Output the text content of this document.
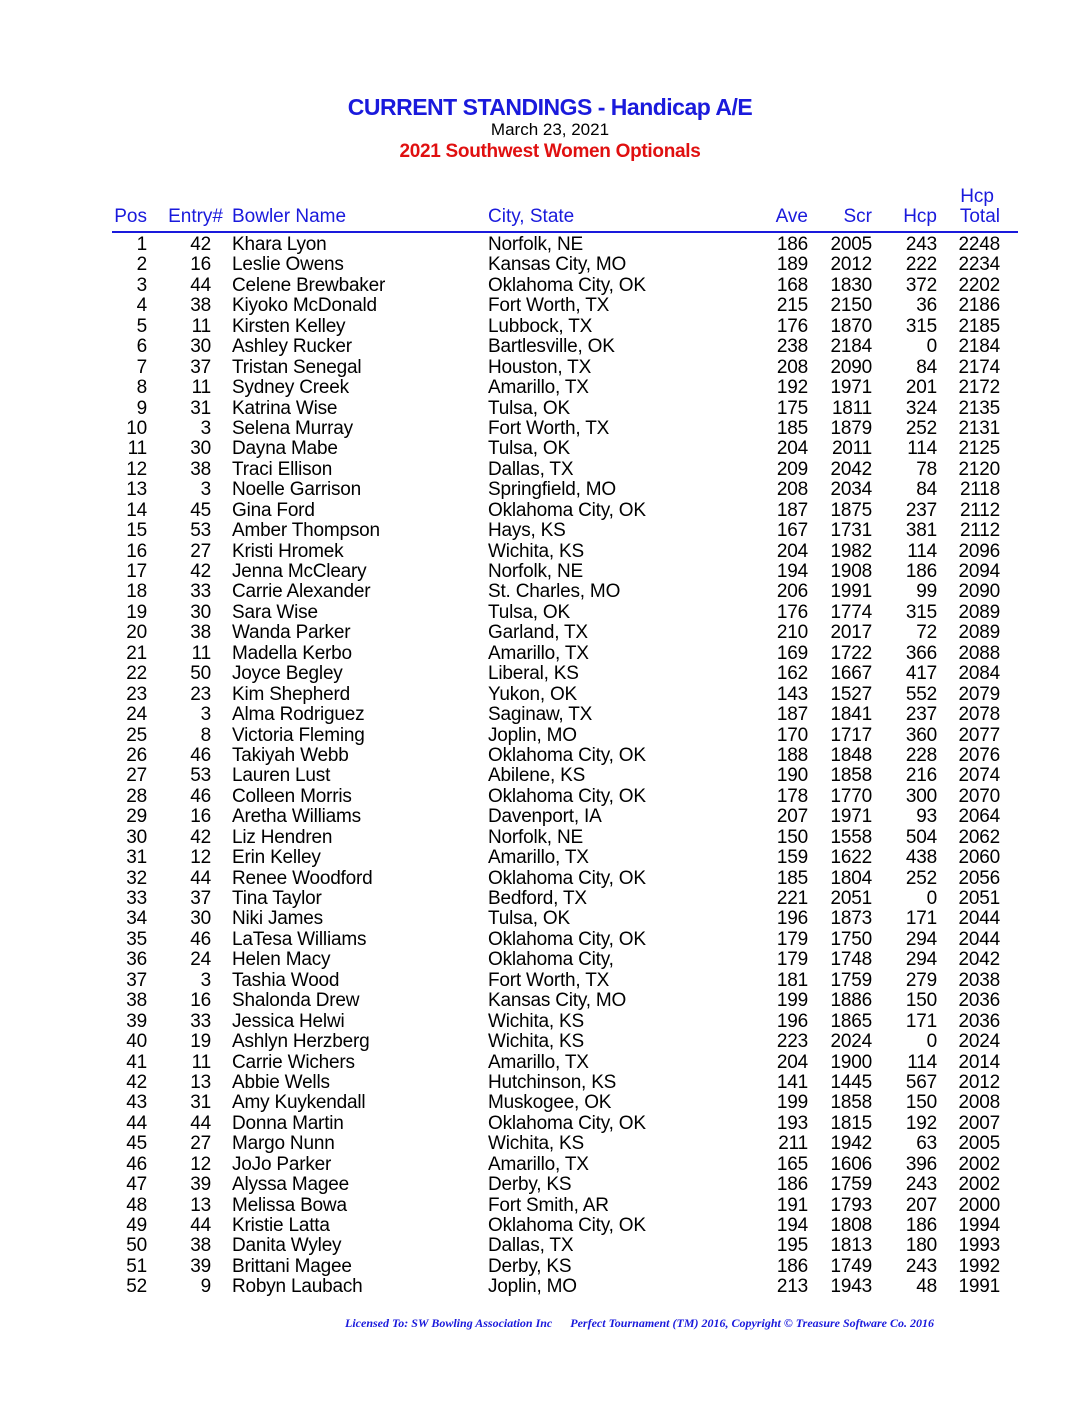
CURRENT STANDINGS - Handicap A/E
March 23, 2021
2021 Southwest Women Optionals
Pos Entry# Bowler Name	City, State	Ave Scr Hcp
Hcp
Total
1 42 Khara Lyon	Norfolk, NE	186 2005 243 2248
2 16 Leslie Owens	Kansas City, MO	189 2012 222 2234
3 44 Celene Brewbaker	Oklahoma City, OK	168 1830 372 2202
4 38 Kiyoko McDonald	Fort Worth, TX	215 2150 36 2186
5 11 Kirsten Kelley	Lubbock, TX	176 1870 315 2185
6 30 Ashley Rucker	Bartlesville, OK	238 2184	0 2184
7 37 Tristan Senegal	Houston, TX	208 2090 84 2174
8 11 Sydney Creek	Amarillo, TX	192 1971 201 2172
9 31 Katrina Wise	Tulsa, OK	175 1811 324 2135
10	3 Selena Murray	Fort Worth, TX	185 1879 252 2131
11 30 Dayna Mabe	Tulsa, OK	204 2011 114 2125
12 38 Traci Ellison	Dallas, TX	209 2042 78 2120
13	3 Noelle Garrison	Springfield, MO	208 2034 84 2118
14 45 Gina Ford	Oklahoma City, OK	187 1875 237 2112
15 53 Amber Thompson	Hays, KS	167 1731 381 2112
16 27 Kristi Hromek	Wichita, KS	204 1982 114 2096
17 42 Jenna McCleary	Norfolk, NE	194 1908 186 2094
18 33 Carrie Alexander	St. Charles, MO	206 1991 99 2090
19 30 Sara Wise	Tulsa, OK	176 1774 315 2089
20 38 Wanda Parker	Garland, TX	210 2017 72 2089
21 11 Madella Kerbo	Amarillo, TX	169 1722 366 2088
22 50 Joyce Begley	Liberal, KS	162 1667 417 2084
23 23 Kim Shepherd	Yukon, OK	143 1527 552 2079
24	3 Alma Rodriguez	Saginaw, TX	187 1841 237 2078
25	8 Victoria Fleming	Joplin, MO	170 1717 360 2077
26 46 Takiyah Webb	Oklahoma City, OK	188 1848 228 2076
27 53 Lauren Lust	Abilene, KS	190 1858 216 2074
28 46 Colleen Morris	Oklahoma City, OK	178 1770 300 2070
29 16 Aretha Williams	Davenport, IA	207 1971 93 2064
30 42 Liz Hendren	Norfolk, NE	150 1558 504 2062
31 12 Erin Kelley	Amarillo, TX	159 1622 438 2060
32 44 Renee Woodford	Oklahoma City, OK	185 1804 252 2056
33 37 Tina Taylor	Bedford, TX	221 2051	0 2051
34 30 Niki James	Tulsa, OK	196 1873 171 2044
35 46 LaTesa Williams	Oklahoma City, OK	179 1750 294 2044
36 24 Helen Macy	Oklahoma City,	179 1748 294 2042
37	3 Tashia Wood	Fort Worth, TX	181 1759 279 2038
38 16 Shalonda Drew	Kansas City, MO	199 1886 150 2036
39 33 Jessica Helwi	Wichita, KS	196 1865 171 2036
40 19 Ashlyn Herzberg	Wichita, KS	223 2024	0 2024
41 11 Carrie Wichers	Amarillo, TX	204 1900 114 2014
42 13 Abbie Wells	Hutchinson, KS	141 1445 567 2012
43 31 Amy Kuykendall	Muskogee, OK	199 1858 150 2008
44 44 Donna Martin	Oklahoma City, OK	193 1815 192 2007
45 27 Margo Nunn	Wichita, KS	211 1942 63 2005
46 12 JoJo Parker	Amarillo, TX	165 1606 396 2002
47 39 Alyssa Magee	Derby, KS	186 1759 243 2002
48 13 Melissa Bowa	Fort Smith, AR	191 1793 207 2000
49 44 Kristie Latta	Oklahoma City, OK	194 1808 186 1994
50 38 Danita Wyley	Dallas, TX	195 1813 180 1993
51 39 Brittani Magee	Derby, KS	186 1749 243 1992
52	9 Robyn Laubach	Joplin, MO	213 1943 48 1991
Licensed To: SW Bowling Association Inc Perfect Tournament (TM) 2016, Copyright © Treasure Software Co. 2016
